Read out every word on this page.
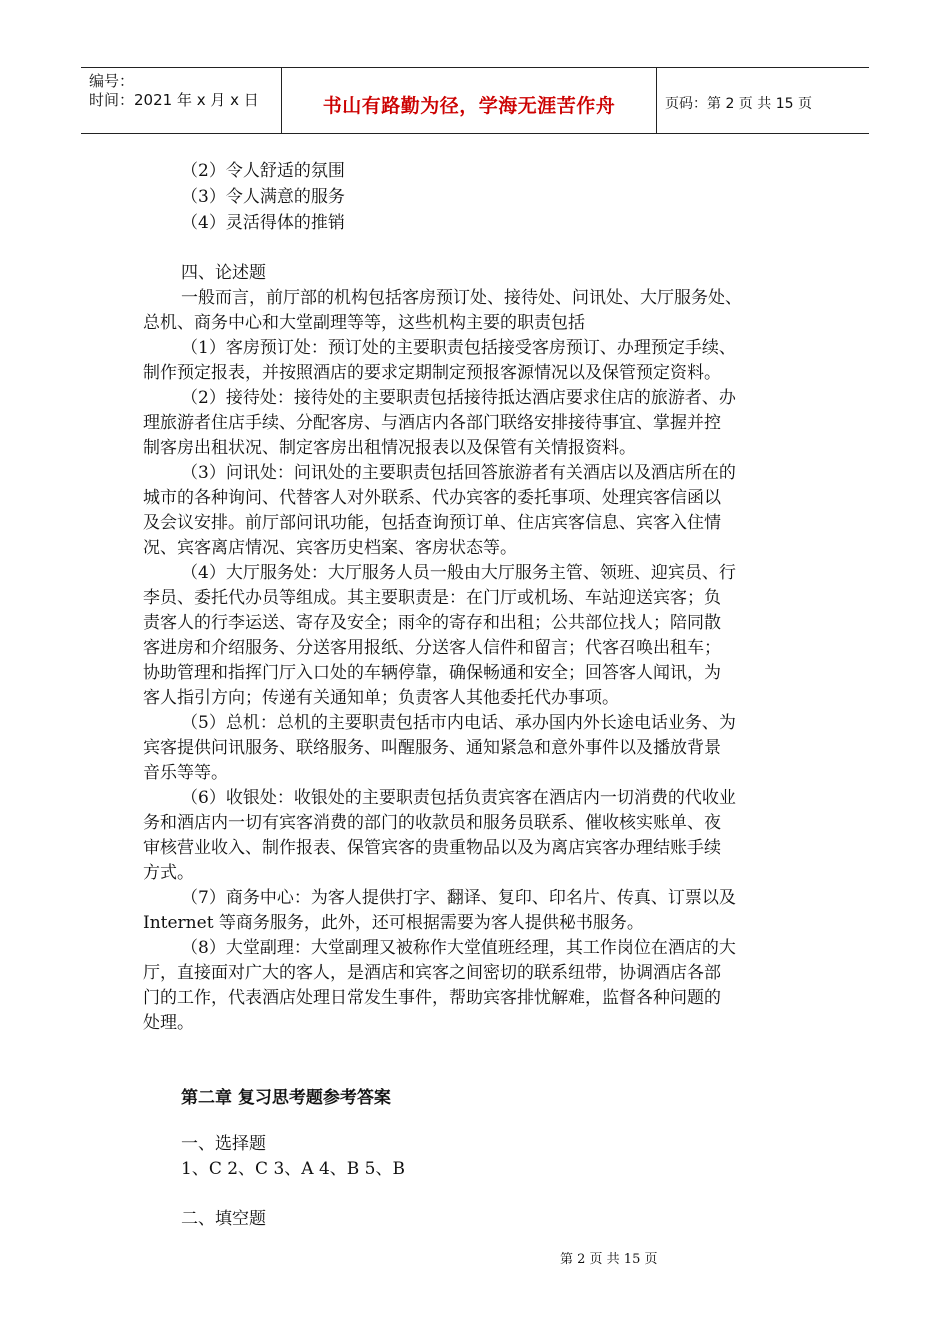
编号：
时间：2021 年 x 月 x 日	书山有路勤为径，学海无涯苦作舟	页码：第 2 页 共 15 页
（2）令人舒适的氛围
（3）令人满意的服务
（4）灵活得体的推销
四、论述题
一般而言，前厅部的机构包括客房预订处、接待处、问讯处、大厅服务处、
总机、商务中心和大堂副理等等，这些机构主要的职责包括
（1）客房预订处：预订处的主要职责包括接受客房预订、办理预定手续、
制作预定报表，并按照酒店的要求定期制定预报客源情况以及保管预定资料。
（2）接待处：接待处的主要职责包括接待抵达酒店要求住店的旅游者、办
理旅游者住店手续、分配客房、与酒店内各部门联络安排接待事宜、掌握并控
制客房出租状况、制定客房出租情况报表以及保管有关情报资料。
（3）问讯处：问讯处的主要职责包括回答旅游者有关酒店以及酒店所在的
城市的各种询问、代替客人对外联系、代办宾客的委托事项、处理宾客信函以
及会议安排。前厅部问讯功能，包括查询预订单、住店宾客信息、宾客入住情
况、宾客离店情况、宾客历史档案、客房状态等。
（4）大厅服务处：大厅服务人员一般由大厅服务主管、领班、迎宾员、行
李员、委托代办员等组成。其主要职责是：在门厅或机场、车站迎送宾客；负
责客人的行李运送、寄存及安全；雨伞的寄存和出租；公共部位找人；陪同散
客进房和介绍服务、分送客用报纸、分送客人信件和留言；代客召唤出租车；
协助管理和指挥门厅入口处的车辆停靠，确保畅通和安全；回答客人闻讯，为
客人指引方向；传递有关通知单；负责客人其他委托代办事项。
（5）总机：总机的主要职责包括市内电话、承办国内外长途电话业务、为
宾客提供问讯服务、联络服务、叫醒服务、通知紧急和意外事件以及播放背景
音乐等等。
（6）收银处：收银处的主要职责包括负责宾客在酒店内一切消费的代收业
务和酒店内一切有宾客消费的部门的收款员和服务员联系、催收核实账单、夜
审核营业收入、制作报表、保管宾客的贵重物品以及为离店宾客办理结账手续
方式。
（7）商务中心：为客人提供打字、翻译、复印、印名片、传真、订票以及
Internet 等商务服务，此外，还可根据需要为客人提供秘书服务。
（8）大堂副理：大堂副理又被称作大堂值班经理，其工作岗位在酒店的大
厅，直接面对广大的客人，是酒店和宾客之间密切的联系纽带，协调酒店各部
门的工作，代表酒店处理日常发生事件，帮助宾客排忧解难，监督各种问题的
处理。
第二章 复习思考题参考答案
一、选择题
1、C 2、C 3、A 4、B 5、B
二、填空题
第 2 页 共 15 页
